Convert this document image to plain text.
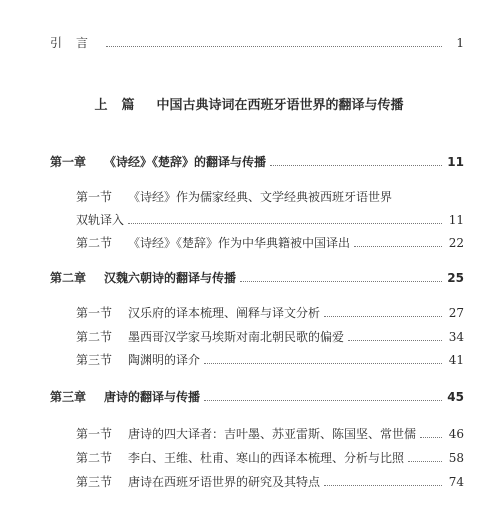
引言	1
上篇 中国古典诗词在西班牙语世界的翻译与传播
第一章 《诗经》《楚辞》的翻译与传播	11
第一节 《诗经》作为儒家经典、文学经典被西班牙语世界
双轨译入	11
第二节 《诗经》《楚辞》作为中华典籍被中国译出	22
第二章 汉魏六朝诗的翻译与传播	25
第一节 汉乐府的译本梳理、阐释与译文分析	27
第二节 墨西哥汉学家马埃斯对南北朝民歌的偏爱	34
第三节 陶渊明的译介	41
第三章 唐诗的翻译与传播	45
第一节 唐诗的四大译者：吉叶墨、苏亚雷斯、陈国坚、常世儒	46
第二节 李白、王维、杜甫、寒山的西译本梳理、分析与比照	58
第三节 唐诗在西班牙语世界的研究及其特点	74
